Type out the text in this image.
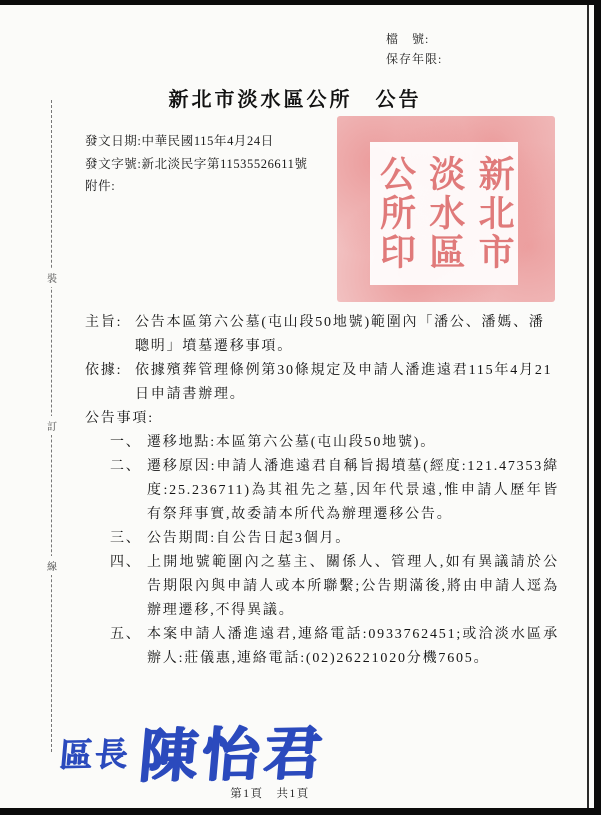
裝
訂
線
檔　號:
保存年限:
新北市淡水區公所　公告
發文日期:中華民國115年4月24日
發文字號:新北淡民字第11535526611號
附件:	新北市
淡水區
公所印
主旨: 公告本區第六公墓(屯山段50地號)範圍內「潘公、潘媽、潘聰明」墳墓遷移事項。
依據: 依據殯葬管理條例第30條規定及申請人潘進遠君115年4月21日申請書辦理。
公告事項:
一、 遷移地點:本區第六公墓(屯山段50地號)。
二、 遷移原因:申請人潘進遠君自稱旨揭墳墓(經度:121.47353緯度:25.236711)為其祖先之墓,因年代景遠,惟申請人歷年皆有祭拜事實,故委請本所代為辦理遷移公告。
三、 公告期間:自公告日起3個月。
四、 上開地號範圍內之墓主、關係人、管理人,如有異議請於公告期限內與申請人或本所聯繫;公告期滿後,將由申請人逕為辦理遷移,不得異議。
五、 本案申請人潘進遠君,連絡電話:0933762451;或洽淡水區承辦人:莊儀惠,連絡電話:(02)26221020分機7605。
區長 陳怡君
第1頁　共1頁
